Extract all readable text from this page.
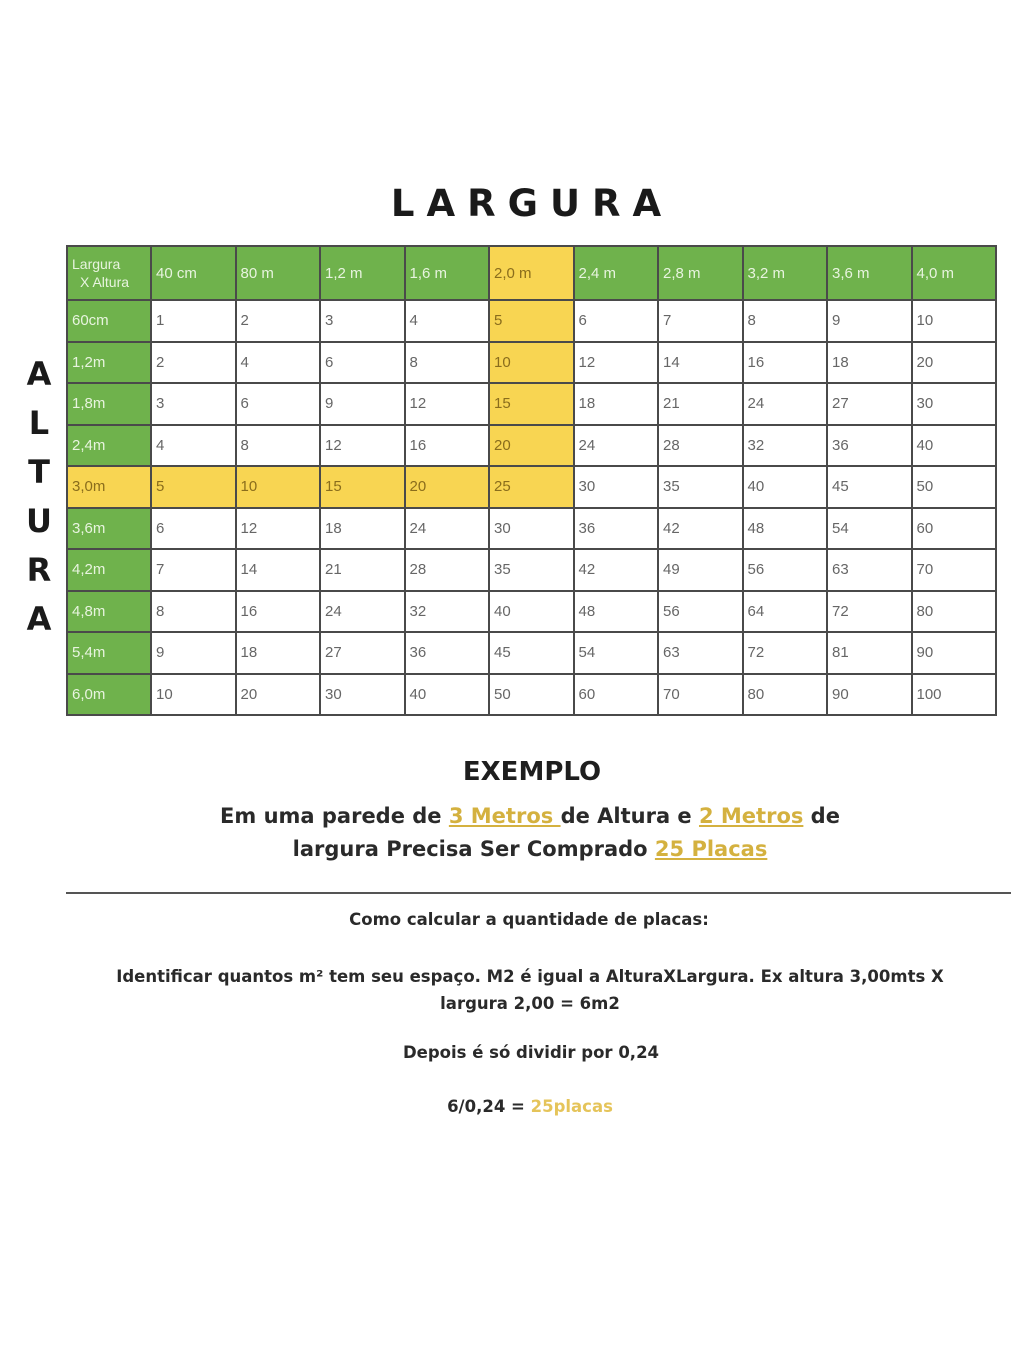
LARGURA
A
L
T
U
R
A
Largura
X Altura	40 cm	80 m	1,2 m	1,6 m	2,0 m	2,4 m	2,8 m	3,2 m	3,6 m	4,0 m
60cm	1	2	3	4	5	6	7	8	9	10
1,2m	2	4	6	8	10	12	14	16	18	20
1,8m	3	6	9	12	15	18	21	24	27	30
2,4m	4	8	12	16	20	24	28	32	36	40
3,0m	5	10	15	20	25	30	35	40	45	50
3,6m	6	12	18	24	30	36	42	48	54	60
4,2m	7	14	21	28	35	42	49	56	63	70
4,8m	8	16	24	32	40	48	56	64	72	80
5,4m	9	18	27	36	45	54	63	72	81	90
6,0m	10	20	30	40	50	60	70	80	90	100
EXEMPLO
Em uma parede de 3 Metros de Altura e 2 Metros de largura Precisa Ser Comprado 25 Placas
Como calcular a quantidade de placas:
Identificar quantos m² tem seu espaço. M2 é igual a AlturaXLargura. Ex altura 3,00mts X largura 2,00 = 6m2
Depois é só dividir por 0,24
6/0,24 = 25placas
